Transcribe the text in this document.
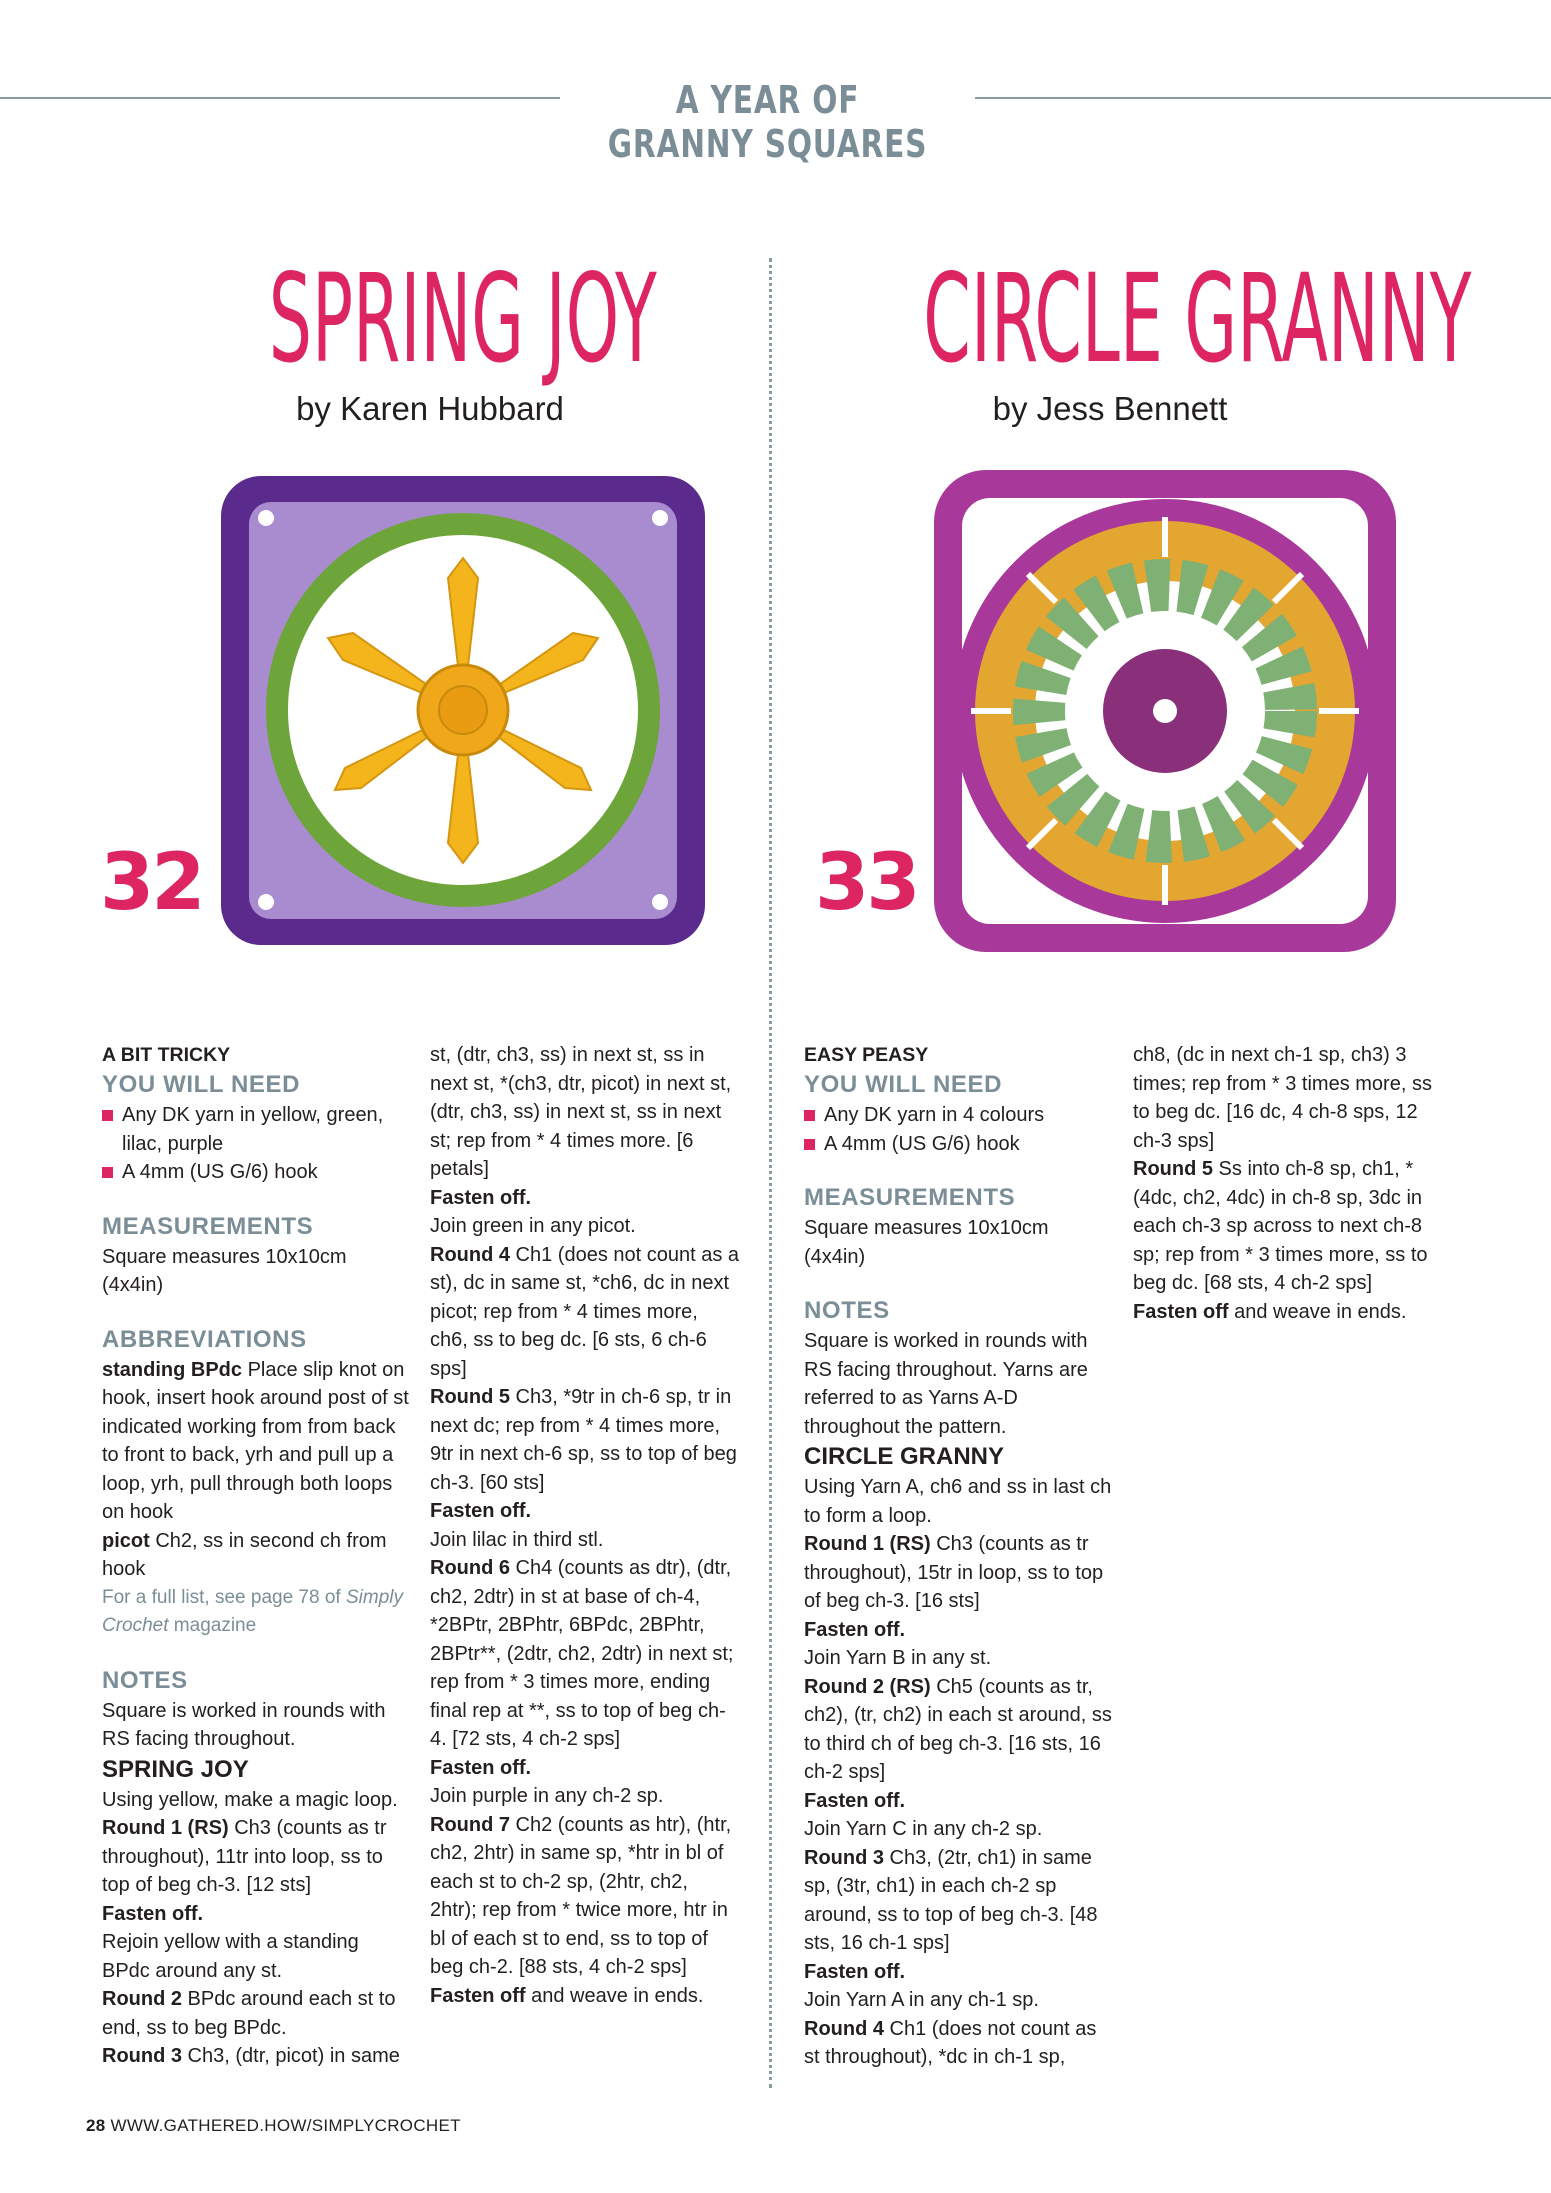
A YEAR OF GRANNY SQUARES
SPRING JOY
by Karen Hubbard
32
CIRCLE GRANNY
by Jess Bennett
33

A BIT TRICKY

YOU WILL NEED

Any DK yarn in yellow, green, lilac, purple

A 4mm (US G/6) hook

MEASUREMENTS

Square measures 10x10cm (4x4in)

ABBREVIATIONS

standing BPdc Place slip knot on hook, insert hook around post of st indicated working from from back to front to back, yrh and pull up a loop, yrh, pull through both loops on hook

picot Ch2, ss in second ch from hook

For a full list, see page 78 of Simply Crochet magazine

NOTES

Square is worked in rounds with RS facing throughout.

SPRING JOY

Using yellow, make a magic loop.

Round 1 (RS) Ch3 (counts as tr throughout), 11tr into loop, ss to top of beg ch-3. [12 sts]

Fasten off.

Rejoin yellow with a standing BPdc around any st.

Round 2 BPdc around each st to end, ss to beg BPdc.

Round 3 Ch3, (dtr, picot) in same

st, (dtr, ch3, ss) in next st, ss in next st, *(ch3, dtr, picot) in next st, (dtr, ch3, ss) in next st, ss in next st; rep from * 4 times more. [6 petals]

Fasten off.

Join green in any picot.

Round 4 Ch1 (does not count as a st), dc in same st, *ch6, dc in next picot; rep from * 4 times more, ch6, ss to beg dc. [6 sts, 6 ch-6 sps]

Round 5 Ch3, *9tr in ch-6 sp, tr in next dc; rep from * 4 times more, 9tr in next ch-6 sp, ss to top of beg ch-3. [60 sts]

Fasten off.

Join lilac in third stl.

Round 6 Ch4 (counts as dtr), (dtr, ch2, 2dtr) in st at base of ch-4, *2BPtr, 2BPhtr, 6BPdc, 2BPhtr, 2BPtr**, (2dtr, ch2, 2dtr) in next st; rep from * 3 times more, ending final rep at **, ss to top of beg ch-4. [72 sts, 4 ch-2 sps]

Fasten off.

Join purple in any ch-2 sp.

Round 7 Ch2 (counts as htr), (htr, ch2, 2htr) in same sp, *htr in bl of each st to ch-2 sp, (2htr, ch2, 2htr); rep from * twice more, htr in bl of each st to end, ss to top of beg ch-2. [88 sts, 4 ch-2 sps]

Fasten off and weave in ends.

EASY PEASY

YOU WILL NEED

Any DK yarn in 4 colours

A 4mm (US G/6) hook

MEASUREMENTS

Square measures 10x10cm (4x4in)

NOTES

Square is worked in rounds with RS facing throughout. Yarns are referred to as Yarns A-D throughout the pattern.

CIRCLE GRANNY

Using Yarn A, ch6 and ss in last ch to form a loop.

Round 1 (RS) Ch3 (counts as tr throughout), 15tr in loop, ss to top of beg ch-3. [16 sts]

Fasten off.

Join Yarn B in any st.

Round 2 (RS) Ch5 (counts as tr, ch2), (tr, ch2) in each st around, ss to third ch of beg ch-3. [16 sts, 16 ch-2 sps]

Fasten off.

Join Yarn C in any ch-2 sp.

Round 3 Ch3, (2tr, ch1) in same sp, (3tr, ch1) in each ch-2 sp around, ss to top of beg ch-3. [48 sts, 16 ch-1 sps]

Fasten off.

Join Yarn A in any ch-1 sp.

Round 4 Ch1 (does not count as st throughout), *dc in ch-1 sp,

ch8, (dc in next ch-1 sp, ch3) 3 times; rep from * 3 times more, ss to beg dc. [16 dc, 4 ch-8 sps, 12 ch-3 sps]

Round 5 Ss into ch-8 sp, ch1, *(4dc, ch2, 4dc) in ch-8 sp, 3dc in each ch-3 sp across to next ch-8 sp; rep from * 3 times more, ss to beg dc. [68 sts, 4 ch-2 sps]

Fasten off and weave in ends.

28 WWW.GATHERED.HOW/SIMPLYCROCHET
